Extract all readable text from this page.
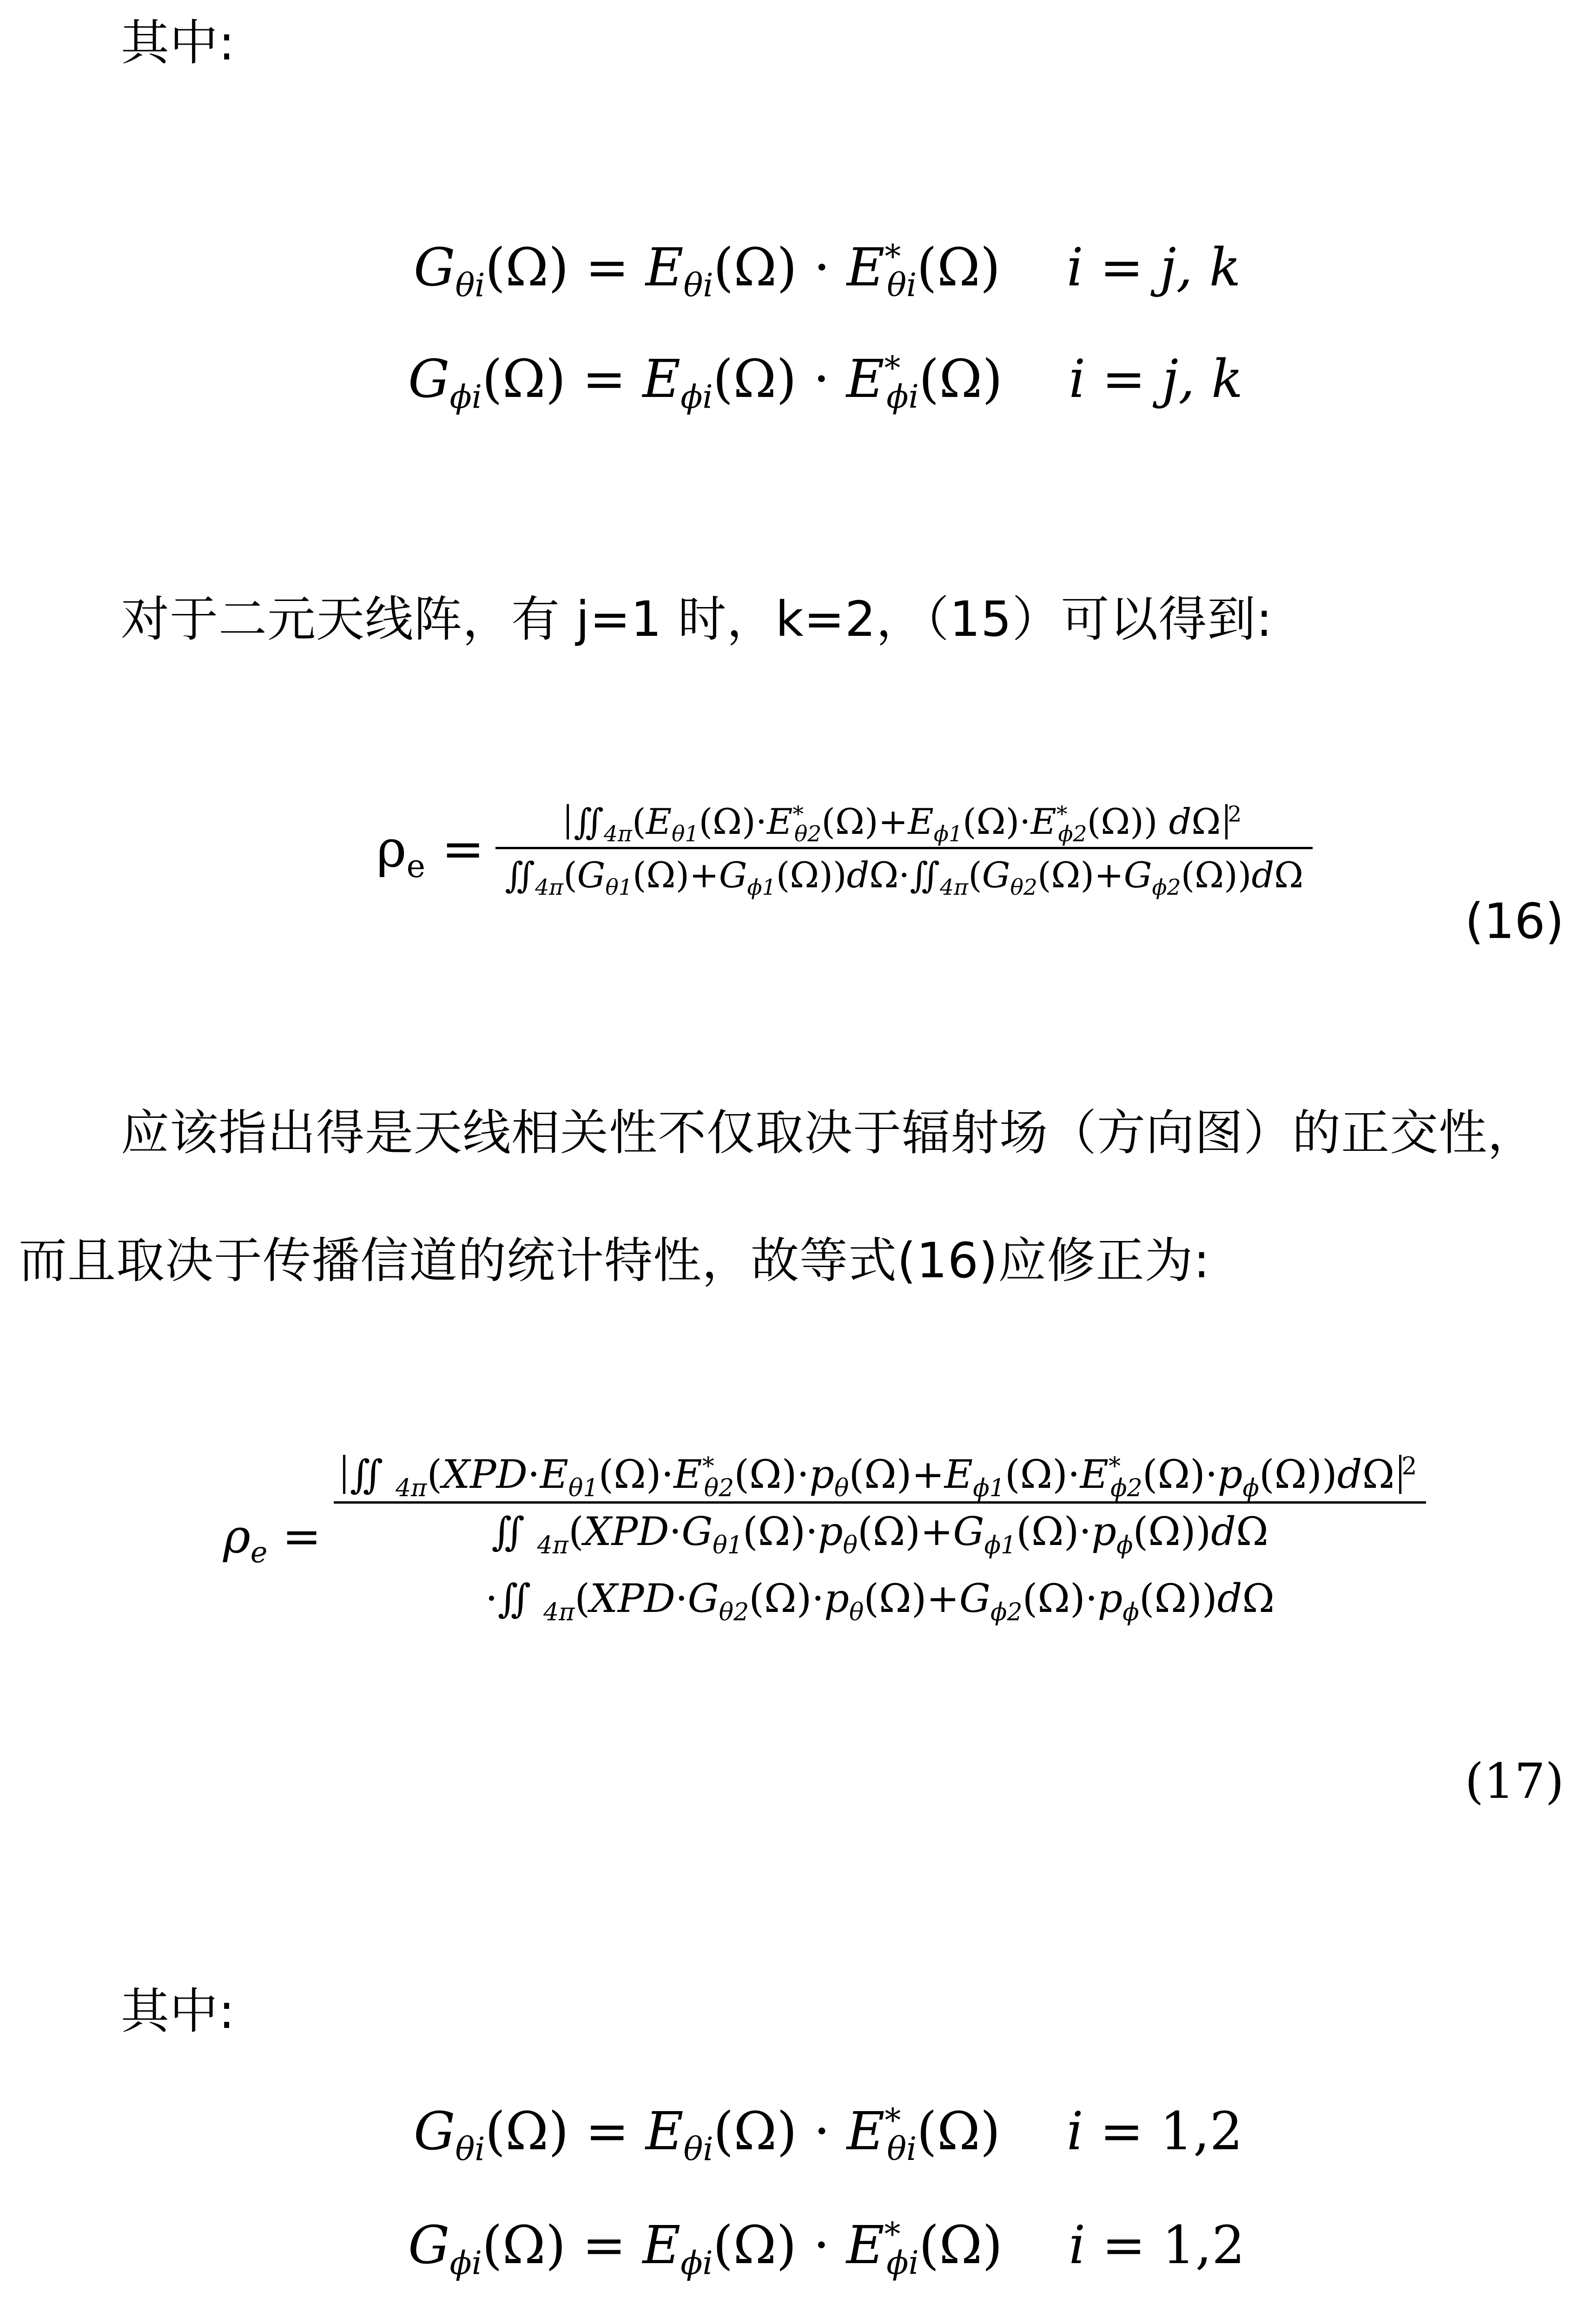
其中:
$G_{\theta i}(\Omega) = E_{\theta i}(\Omega) \cdot E^*_{\theta i}(\Omega)$    i = j, k
$G_{\phi i}(\Omega) = E_{\phi i}(\Omega) \cdot E^*_{\phi i}(\Omega)$    i = j, k
对于二元天线阵，有 j=1 时，k=2，（15）可以得到:
$\rho_e = \frac{∬_{4\pi}(E_{\theta 1}(\Omega)\cdot E^*_{\theta 2}(\Omega)+E_{\phi 1}(\Omega)\cdot E^*_{\phi 2}(\Omega)) d\Omega ^2}{∬_{4\pi}(G_{\theta 1}(\Omega)+G_{\phi 1}(\Omega))d\Omega\cdot∬_{4\pi}(G_{\theta 2}(\Omega)+G_{\phi 2}(\Omega))d\Omega}$
(16)
应该指出得是天线相关性不仅取决于辐射场（方向图）的正交性，
而且取决于传播信道的统计特性，故等式(16)应修正为:
$\rho_e$ =
∬ $_{4\pi}(XPD\cdot E_{\theta 1}(\Omega)\cdot E^*_{\theta 2}(\Omega)\cdot p_\theta(\Omega)+E_{\phi 1}(\Omega)\cdot E^*_{\phi 2}(\Omega)\cdot p_\phi(\Omega))d\Omega$ $^2$
∬ $_{4\pi}(XPD\cdot G_{\theta 1}(\Omega)\cdot p_\theta(\Omega)+G_{\phi 1}(\Omega)\cdot p_\phi(\Omega))d\Omega$
·∬ $_{4\pi}(XPD\cdot G_{\theta 2}(\Omega)\cdot p_\theta(\Omega)+G_{\phi 2}(\Omega)\cdot p_\phi(\Omega))d\Omega$
(17)
其中:
$G_{\theta i}(\Omega) = E_{\theta i}(\Omega) \cdot E^*_{\theta i}(\Omega)$    i = 1,2
$G_{\phi i}(\Omega) = E_{\phi i}(\Omega) \cdot E^*_{\phi i}(\Omega)$    i = 1,2
